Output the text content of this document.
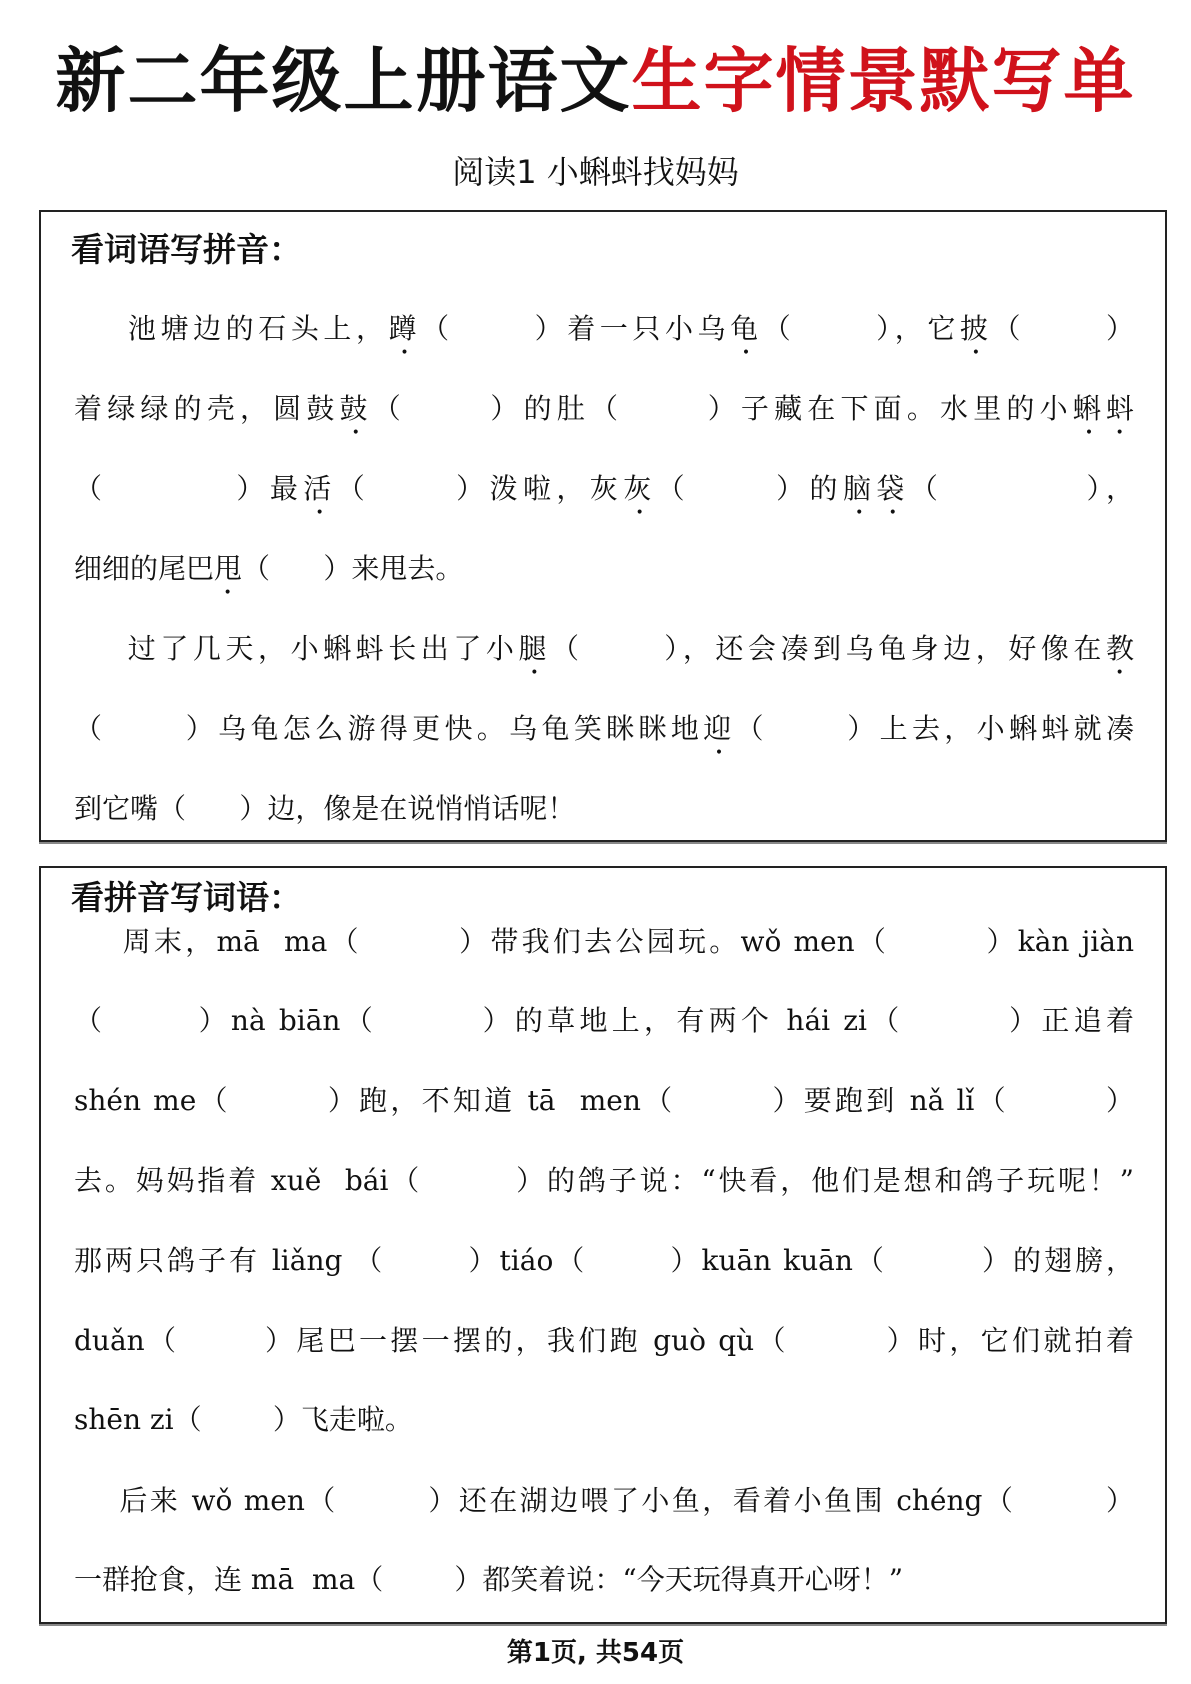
新二年级上册语文生字情景默写单
阅读1 小蝌蚪找妈妈
看词语写拼音：
池塘边的石头上，蹲（      ）着一只小乌龟（      ），它披（      ）
着绿绿的壳，圆鼓鼓（      ）的肚（      ）子藏在下面。水里的小蝌蚪
（         ）最活（      ）泼啦，灰灰（      ）的脑袋（          ），
细细的尾巴甩（      ）来甩去。
过了几天，小蝌蚪长出了小腿（      ），还会凑到乌龟身边，好像在教
（      ）乌龟怎么游得更快。乌龟笑眯眯地迎（      ）上去，小蝌蚪就凑
到它嘴（      ）边，像是在说悄悄话呢！
看拼音写词语：
周末，mā  ma（        ）带我们去公园玩。wǒ men（        ）kàn jiàn
（       ）nà biān（        ）的草地上，有两个 hái zi（        ）正追着
shén me（        ）跑，不知道 tā  men（        ）要跑到 nǎ lǐ（        ）
去。妈妈指着 xuě  bái（        ）的鸽子说：“快看，他们是想和鸽子玩呢！”
那两只鸽子有 liǎng （       ）tiáo（       ）kuān kuān（        ）的翅膀，
duǎn（       ）尾巴一摆一摆的，我们跑 guò qù（        ）时，它们就拍着
shēn zi（        ）飞走啦。
后来 wǒ men（        ）还在湖边喂了小鱼，看着小鱼围 chéng（        ）
一群抢食，连 mā  ma（        ）都笑着说：“今天玩得真开心呀！”
第1页, 共54页
